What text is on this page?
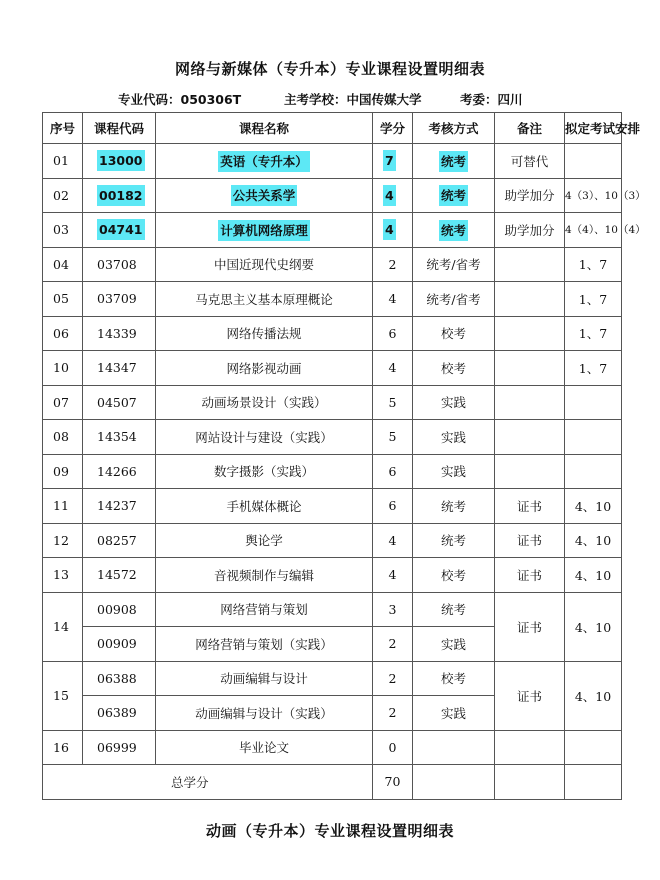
网络与新媒体（专升本）专业课程设置明细表
专业代码：050306T	主考学校：中国传媒大学	考委：四川
序号	课程代码	课程名称	学分	考核方式	备注	拟定考试安排
01	13000	英语（专升本）	7	统考	可替代	
02	00182	公共关系学	4	统考	助学加分	4（3）、10（3）
03	04741	计算机网络原理	4	统考	助学加分	4（4）、10（4）
04	03708	中国近现代史纲要	2	统考/省考		1、7
05	03709	马克思主义基本原理概论	4	统考/省考		1、7
06	14339	网络传播法规	6	校考		1、7
10	14347	网络影视动画	4	校考		1、7
07	04507	动画场景设计（实践）	5	实践		
08	14354	网站设计与建设（实践）	5	实践		
09	14266	数字摄影（实践）	6	实践		
11	14237	手机媒体概论	6	统考	证书	4、10
12	08257	舆论学	4	统考	证书	4、10
13	14572	音视频制作与编辑	4	校考	证书	4、10
14	00908	网络营销与策划	3	统考	证书	4、10
	00909	网络营销与策划（实践）	2	实践		
15	06388	动画编辑与设计	2	校考	证书	4、10
	06389	动画编辑与设计（实践）	2	实践		
16	06999	毕业论文	0			
总学分			70			
动画（专升本）专业课程设置明细表
